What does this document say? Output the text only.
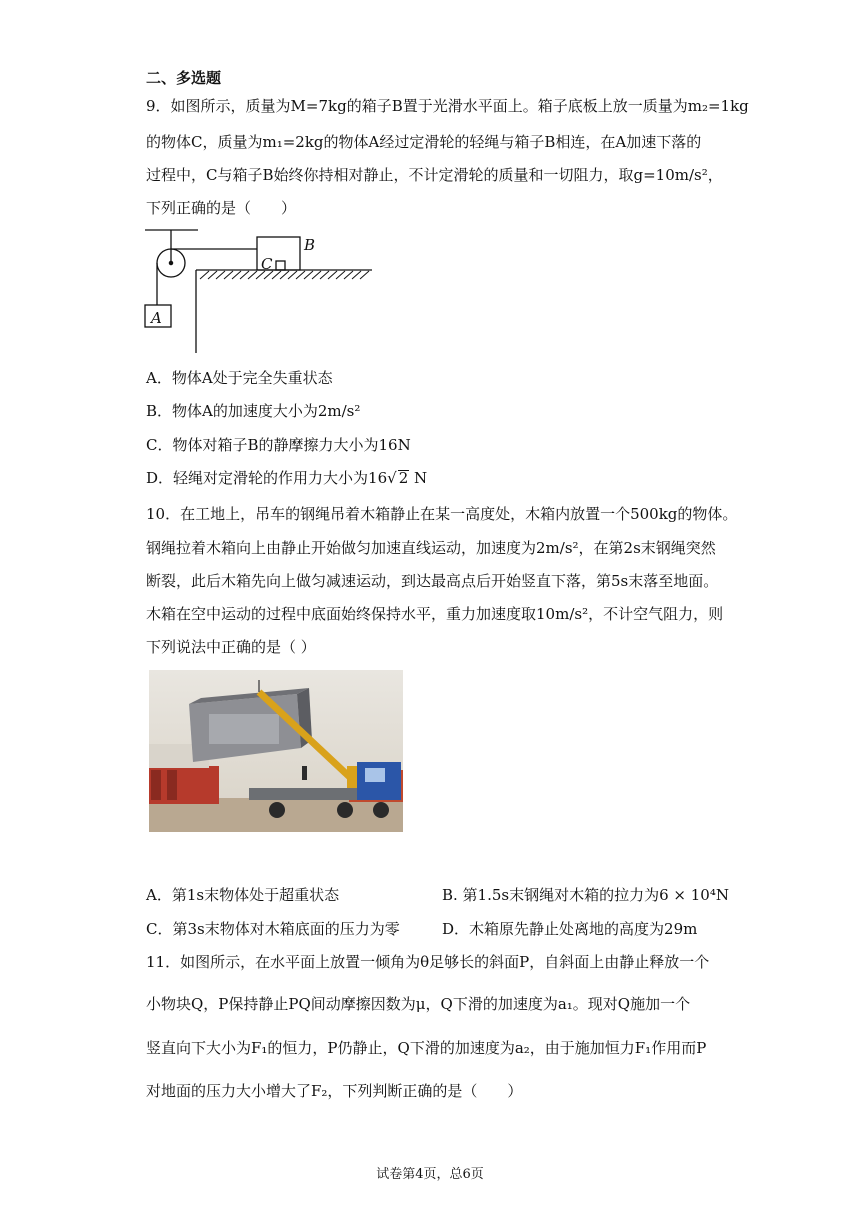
二、多选题
9．如图所示，质量为M=7kg的箱子B置于光滑水平面上。箱子底板上放一质量为m₂=1kg
的物体C，质量为m₁=2kg的物体A经过定滑轮的轻绳与箱子B相连，在A加速下落的
过程中，C与箱子B始终你持相对静止，不计定滑轮的质量和一切阻力，取g=10m/s²，
下列正确的是（　　）
A
B
C
A．物体A处于完全失重状态
B．物体A的加速度大小为2m/s²
C．物体对箱子B的静摩擦力大小为16N
D．轻绳对定滑轮的作用力大小为16√ 2 N
10．在工地上，吊车的钢绳吊着木箱静止在某一高度处，木箱内放置一个500kg的物体。
钢绳拉着木箱向上由静止开始做匀加速直线运动，加速度为2m/s²，在第2s末钢绳突然
断裂，此后木箱先向上做匀减速运动，到达最高点后开始竖直下落，第5s末落至地面。
木箱在空中运动的过程中底面始终保持水平，重力加速度取10m/s²，不计空气阻力，则
下列说法中正确的是（ ）
A．第1s末物体处于超重状态	B. 第1.5s末钢绳对木箱的拉力为6 × 10⁴N
C．第3s末物体对木箱底面的压力为零	D．木箱原先静止处离地的高度为29m
11．如图所示，在水平面上放置一倾角为θ足够长的斜面P，自斜面上由静止释放一个
小物块Q，P保持静止PQ间动摩擦因数为μ，Q下滑的加速度为a₁。现对Q施加一个
竖直向下大小为F₁的恒力，P仍静止，Q下滑的加速度为a₂，由于施加恒力F₁作用而P
对地面的压力大小增大了F₂，下列判断正确的是（　　）
试卷第4页，总6页
